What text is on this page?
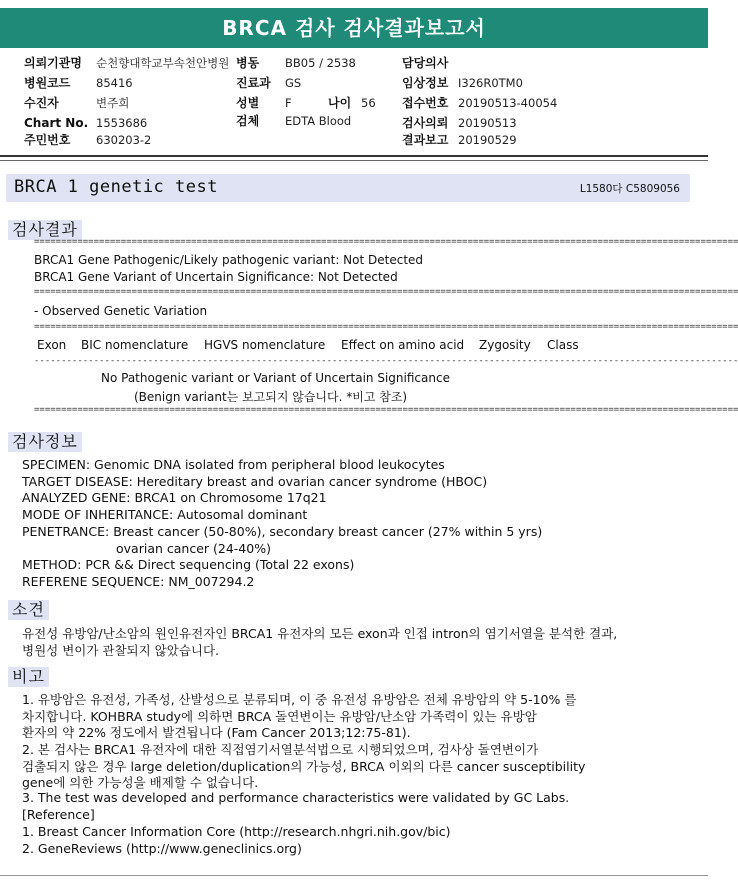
BRCA 검사 검사결과보고서
의뢰기관명 순천향대학교부속천안병원 병동 BB05 / 2538	담당의사
병원코드 85416	진료과 GS	임상정보 I326R0TM0
수진자	변주희	성별 F	나이 56 접수번호 20190513-40054
Chart No. 1553686	검체 EDTA Blood	검사의뢰 20190513
주민번호 630203-2	결과보고 20190529
BRCA 1 genetic test	L1580다 C5809056
검사결과
==================================================================================================================================
BRCA1 Gene Pathogenic/Likely pathogenic variant: Not Detected
BRCA1 Gene Variant of Uncertain Significance: Not Detected
==================================================================================================================================
- Observed Genetic Variation
==================================================================================================================================
Exon BIC nomenclature HGVS nomenclature Effect on amino acid Zygosity Class
----------------------------------------------------------------------------------------------------------------------------------
No Pathogenic variant or Variant of Uncertain Significance
(Benign variant는 보고되지 않습니다. *비고 참조)
==================================================================================================================================
검사정보
SPECIMEN: Genomic DNA isolated from peripheral blood leukocytes
TARGET DISEASE: Hereditary breast and ovarian cancer syndrome (HBOC)
ANALYZED GENE: BRCA1 on Chromosome 17q21
MODE OF INHERITANCE: Autosomal dominant
PENETRANCE: Breast cancer (50-80%), secondary breast cancer (27% within 5 yrs)
ovarian cancer (24-40%)
METHOD: PCR && Direct sequencing (Total 22 exons)
REFERENE SEQUENCE: NM_007294.2
소견
유전성 유방암/난소암의 원인유전자인 BRCA1 유전자의 모든 exon과 인접 intron의 염기서열을 분석한 결과,
병원성 변이가 관찰되지 않았습니다.
비고
1. 유방암은 유전성, 가족성, 산발성으로 분류되며, 이 중 유전성 유방암은 전체 유방암의 약 5-10% 를
차지합니다. KOHBRA study에 의하면 BRCA 돌연변이는 유방암/난소암 가족력이 있는 유방암
환자의 약 22% 정도에서 발견됩니다 (Fam Cancer 2013;12:75-81).
2. 본 검사는 BRCA1 유전자에 대한 직접염기서열분석법으로 시행되었으며, 검사상 돌연변이가
검출되지 않은 경우 large deletion/duplication의 가능성, BRCA 이외의 다른 cancer susceptibility
gene에 의한 가능성을 배제할 수 없습니다.
3. The test was developed and performance characteristics were validated by GC Labs.
[Reference]
1. Breast Cancer Information Core (http://research.nhgri.nih.gov/bic)
2. GeneReviews (http://www.geneclinics.org)
